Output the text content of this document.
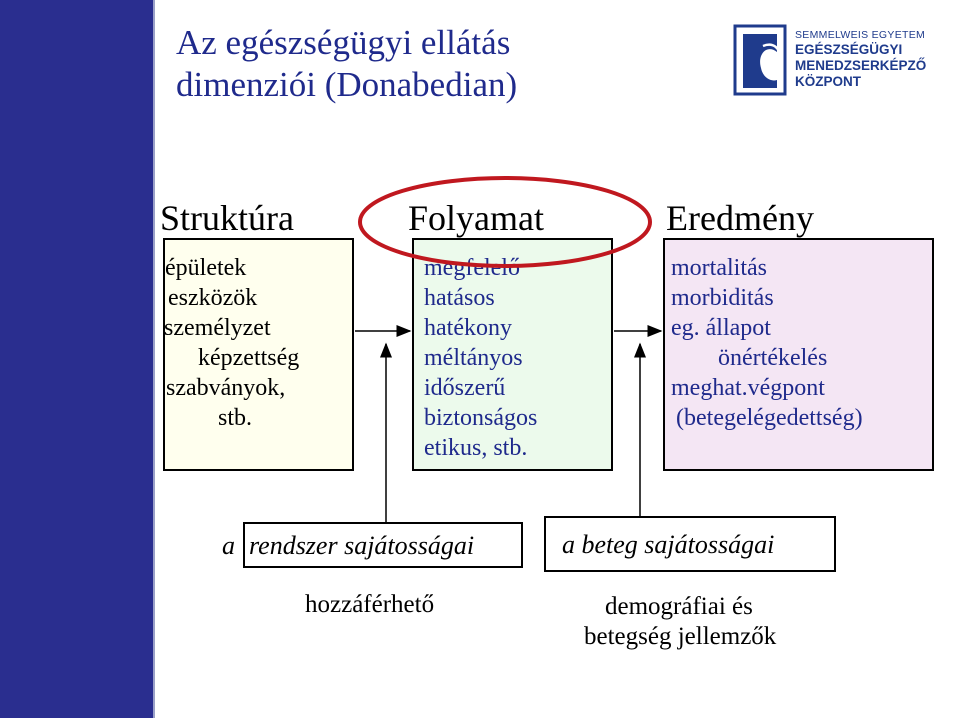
Az egészségügyi ellátás
dimenziói (Donabedian)
SEMMELWEIS EGYETEM
EGÉSZSÉGÜGYI
MENEDZSERKÉPZŐ
KÖZPONT
Struktúra	Folyamat	Eredmény
épületek
eszközök
személyzet
képzettség
szabványok,
stb.
megfelelő
hatásos
hatékony
méltányos
időszerű
biztonságos
etikus, stb.
mortalitás
morbiditás
eg. állapot
önértékelés
meghat.végpont
(betegelégedettség)
a rendszer sajátosságai	a beteg sajátosságai
hozzáférhető	demográfiai és
betegség jellemzők
